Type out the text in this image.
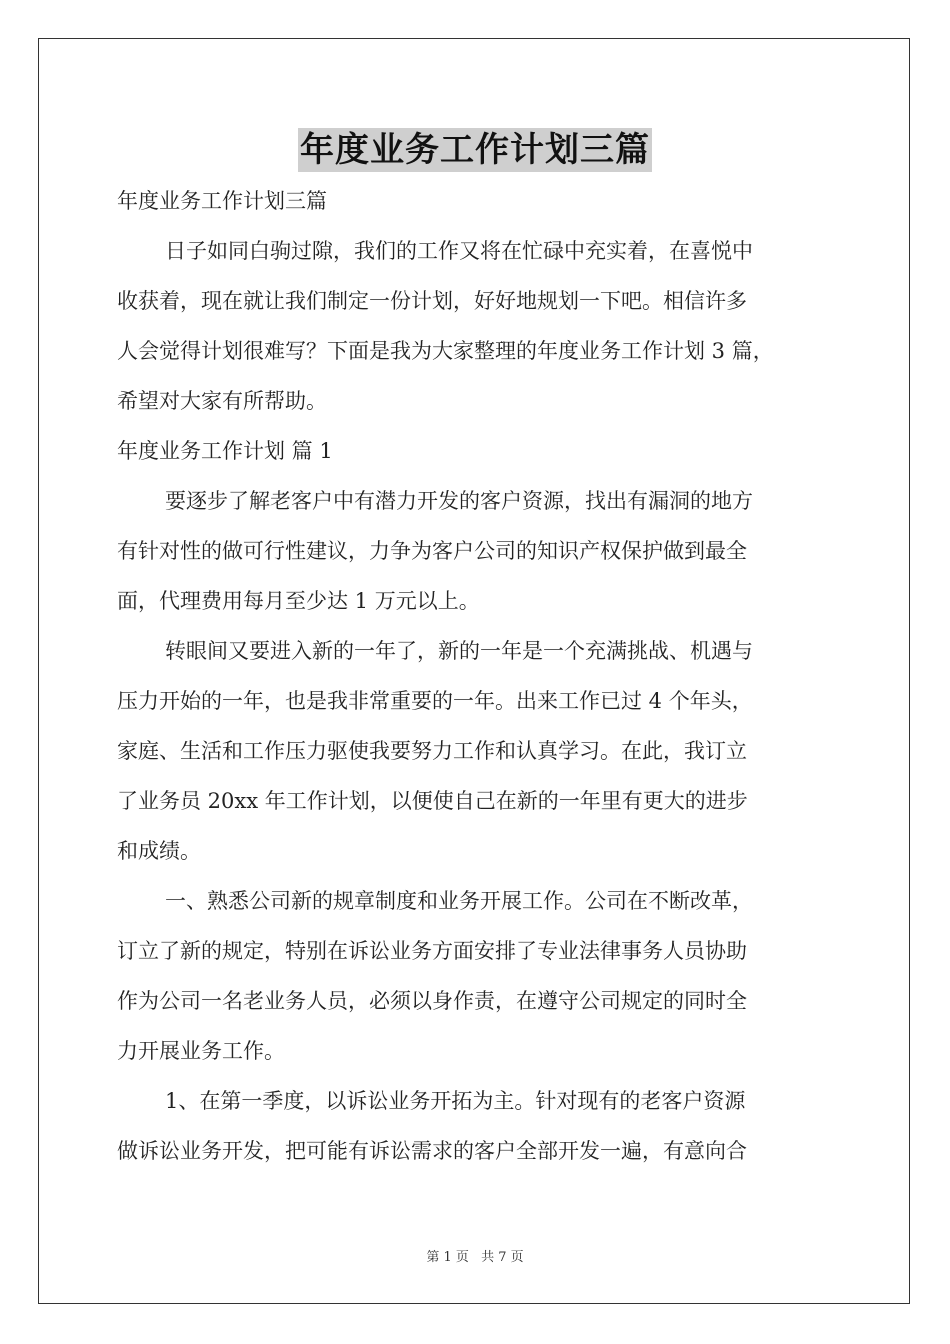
年度业务工作计划三篇
年度业务工作计划三篇
日子如同白驹过隙，我们的工作又将在忙碌中充实着，在喜悦中
收获着，现在就让我们制定一份计划，好好地规划一下吧。相信许多
人会觉得计划很难写？下面是我为大家整理的年度业务工作计划 3 篇，
希望对大家有所帮助。
年度业务工作计划 篇 1
要逐步了解老客户中有潜力开发的客户资源，找出有漏洞的地方
有针对性的做可行性建议，力争为客户公司的知识产权保护做到最全
面，代理费用每月至少达 1 万元以上。
转眼间又要进入新的一年了，新的一年是一个充满挑战、机遇与
压力开始的一年，也是我非常重要的一年。出来工作已过 4 个年头，
家庭、生活和工作压力驱使我要努力工作和认真学习。在此，我订立
了业务员 20xx 年工作计划，以便使自己在新的一年里有更大的进步
和成绩。
一、熟悉公司新的规章制度和业务开展工作。公司在不断改革，
订立了新的规定，特别在诉讼业务方面安排了专业法律事务人员协助
作为公司一名老业务人员，必须以身作责，在遵守公司规定的同时全
力开展业务工作。
1、在第一季度，以诉讼业务开拓为主。针对现有的老客户资源
做诉讼业务开发，把可能有诉讼需求的客户全部开发一遍，有意向合
第 1 页 共 7 页
